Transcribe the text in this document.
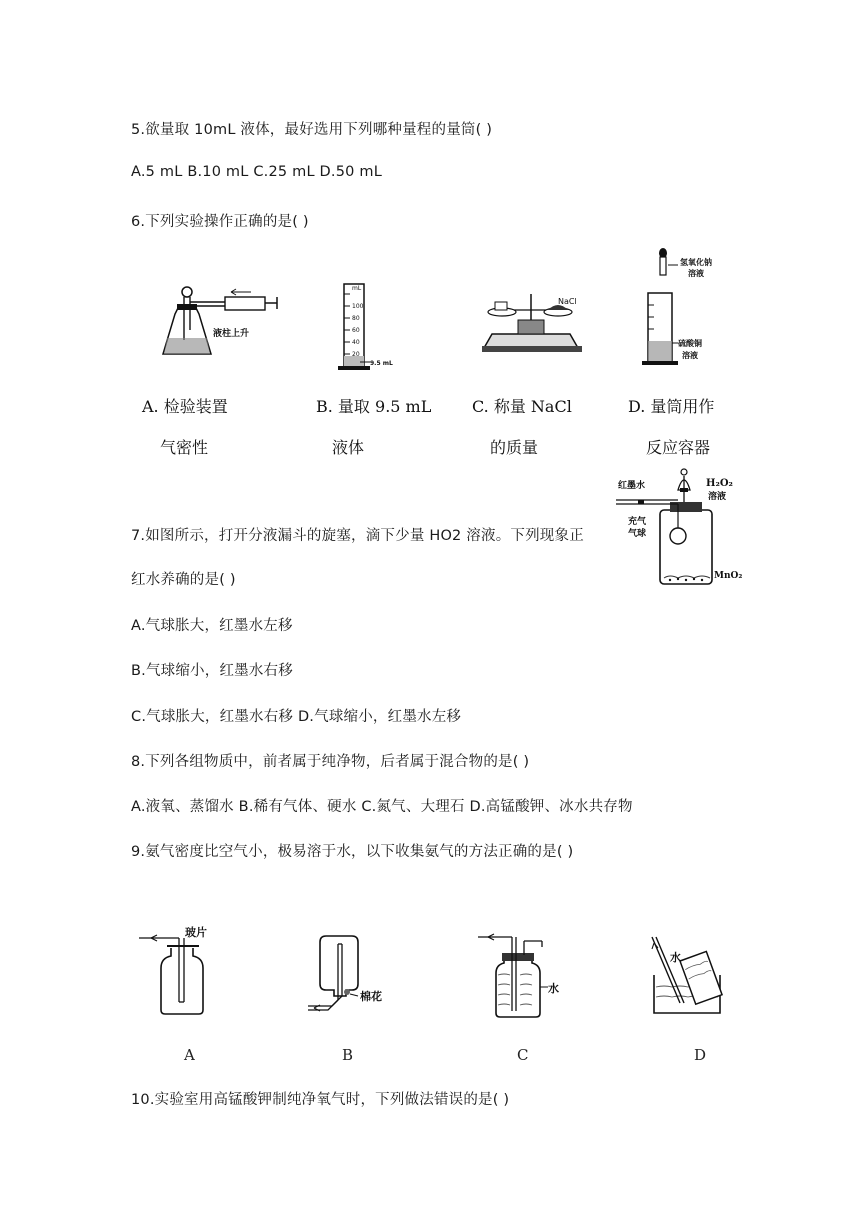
5.欲量取 10mL 液体，最好选用下列哪种量程的量筒( )
A.5 mL B.10 mL C.25 mL D.50 mL
6.下列实验操作正确的是( )
液柱上升
A. 检验装置
气密性
mL
100
80
60
40
20
9.5 mL
B. 量取 9.5 mL
液体
NaCl
C. 称量 NaCl
的质量
氢氧化钠
溶液
硫酸铜
溶液
D. 量筒用作
反应容器
红墨水	H₂O₂
溶液
充气
气球
MnO₂
7.如图所示，打开分液漏斗的旋塞，滴下少量 HO2 溶液。下列现象正
红水养确的是( )
A.气球胀大，红墨水左移
B.气球缩小，红墨水右移
C.气球胀大，红墨水右移 D.气球缩小，红墨水左移
8.下列各组物质中，前者属于纯净物，后者属于混合物的是( )
A.液氧、蒸馏水 B.稀有气体、硬水 C.氮气、大理石 D.高锰酸钾、冰水共存物
9.氨气密度比空气小，极易溶于水，以下收集氨气的方法正确的是( )
玻片
棉花
水
水
A	B	C	D
10.实验室用高锰酸钾制纯净氧气时，下列做法错误的是( )
